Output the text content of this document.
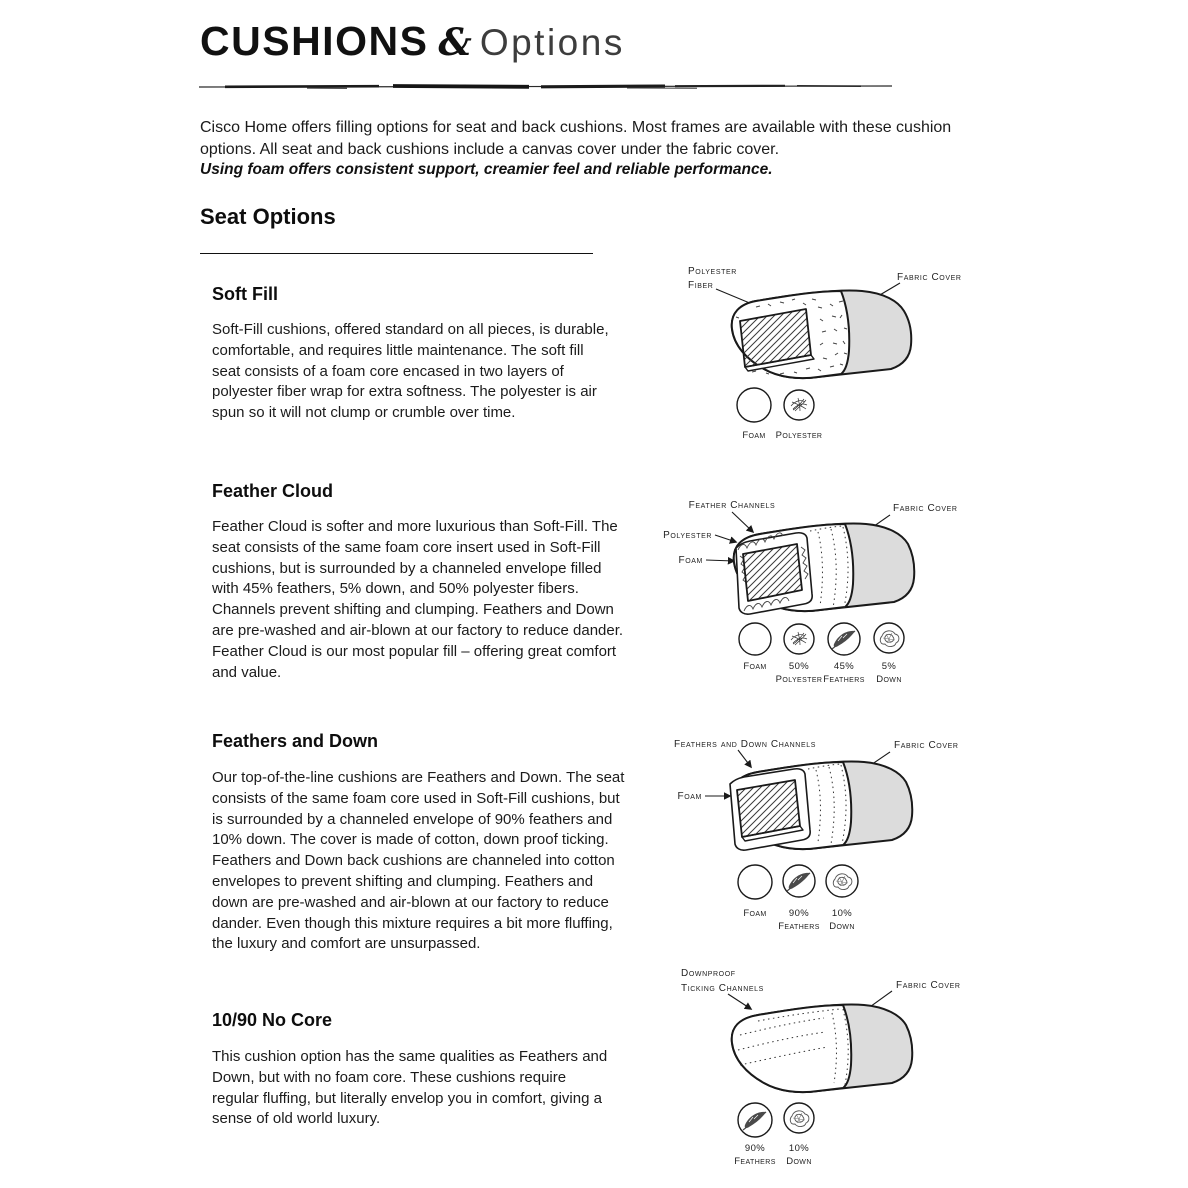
CUSHIONS & Options

Cisco Home offers filling options for seat and back cushions. Most frames are available with these cushion options. All seat and back cushions include a canvas cover under the fabric cover.

Using foam offers consistent support, creamier feel and reliable performance.

Seat Options
Soft Fill

Soft-Fill cushions, offered standard on all pieces, is durable, comfortable, and requires little maintenance. The soft fill seat consists of a foam core encased in two layers of polyester fiber wrap for extra softness. The polyester is air spun so it will not clump or crumble over time.

Feather Cloud

Feather Cloud is softer and more luxurious than Soft-Fill. The seat consists of the same foam core insert used in Soft-Fill cushions, but is surrounded by a channeled envelope filled with 45% feathers, 5% down, and 50% polyester fibers. Channels prevent shifting and clumping. Feathers and Down are pre-washed and air-blown at our factory to reduce dander. Feather Cloud is our most popular fill – offering great comfort and value.

Feathers and Down

Our top-of-the-line cushions are Feathers and Down. The seat consists of the same foam core used in Soft-Fill cushions, but is surrounded by a channeled envelope of 90% feathers and 10% down. The cover is made of cotton, down proof ticking. Feathers and Down back cushions are channeled into cotton envelopes to prevent shifting and clumping. Feathers and down are pre-washed and air-blown at our factory to reduce dander. Even though this mixture requires a bit more fluffing, the luxury and comfort are unsurpassed.

10/90 No Core

This cushion option has the same qualities as Feathers and Down, but with no foam core. These cushions require regular fluffing, but literally envelop you in comfort, giving a sense of old world luxury.

Polyester
Fiber
Fabric Cover
Foam Polyester
Feather Channels
Polyester
Foam
Fabric Cover
Foam 50%
Polyester
45%
Feathers
5%
Down
Feathers and Down Channels	Fabric Cover
Foam
Foam 90%
Feathers
10%
Down
Downproof
Ticking Channels	Fabric Cover
90%
Feathers
10%
Down
